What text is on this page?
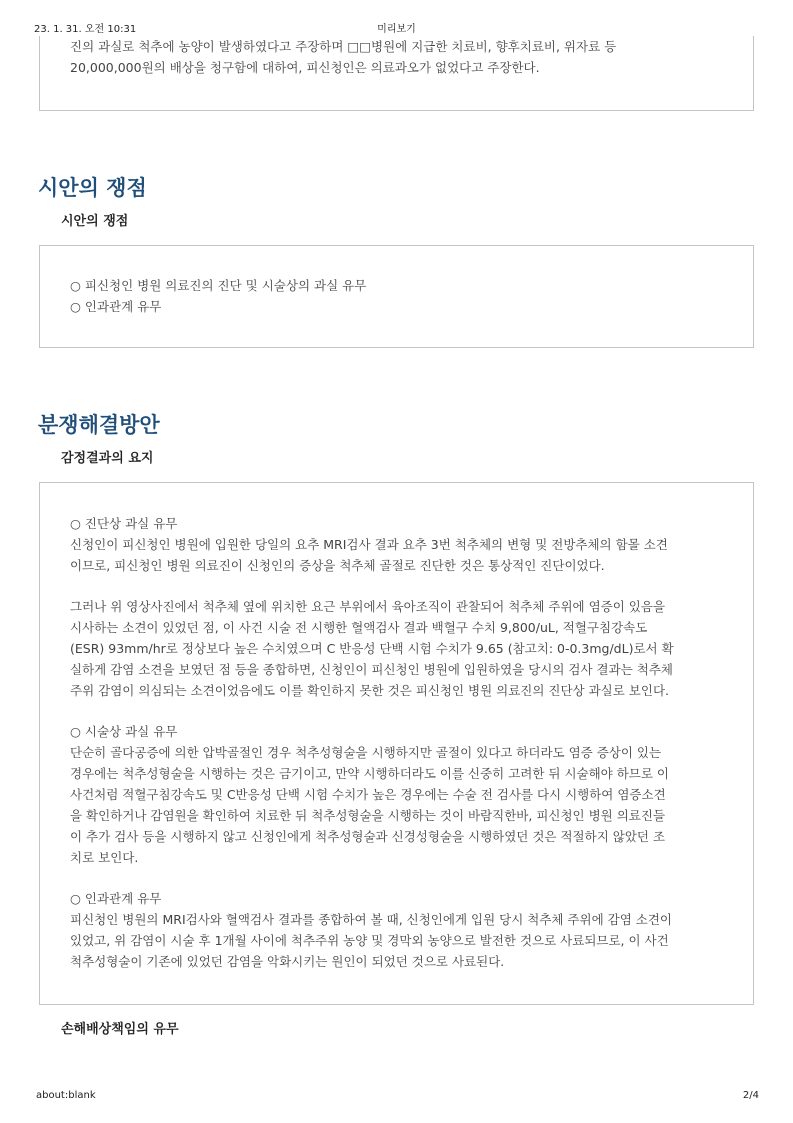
23. 1. 31. 오전 10:31	미리보기

진의 과실로 척추에 농양이 발생하였다고 주장하며 □□병원에 지급한 치료비, 향후치료비, 위자료 등

20,000,000원의 배상을 청구함에 대하여, 피신청인은 의료과오가 없었다고 주장한다.

시안의 쟁점
시안의 쟁점

○ 피신청인 병원 의료진의 진단 및 시술상의 과실 유무

○ 인과관계 유무

분쟁해결방안
감정결과의 요지

○ 진단상 과실 유무
신청인이 피신청인 병원에 입원한 당일의 요추 MRI검사 결과 요추 3번 척추체의 변형 및 전방추체의 함몰 소견
이므로, 피신청인 병원 의료진이 신청인의 증상을 척추체 골절로 진단한 것은 통상적인 진단이었다.

그러나 위 영상사진에서 척추체 옆에 위치한 요근 부위에서 육아조직이 관찰되어 척추체 주위에 염증이 있음을
시사하는 소견이 있었던 점, 이 사건 시술 전 시행한 혈액검사 결과 백혈구 수치 9,800/uL, 적혈구침강속도
(ESR) 93mm/hr로 정상보다 높은 수치였으며 C 반응성 단백 시험 수치가 9.65 (참고치: 0-0.3mg/dL)로서 확
실하게 감염 소견을 보였던 점 등을 종합하면, 신청인이 피신청인 병원에 입원하였을 당시의 검사 결과는 척추체
주위 감염이 의심되는 소견이었음에도 이를 확인하지 못한 것은 피신청인 병원 의료진의 진단상 과실로 보인다.

○ 시술상 과실 유무
단순히 골다공증에 의한 압박골절인 경우 척추성형술을 시행하지만 골절이 있다고 하더라도 염증 증상이 있는
경우에는 척추성형술을 시행하는 것은 금기이고, 만약 시행하더라도 이를 신중히 고려한 뒤 시술해야 하므로 이
사건처럼 적혈구침강속도 및 C반응성 단백 시험 수치가 높은 경우에는 수술 전 검사를 다시 시행하여 염증소견
을 확인하거나 감염원을 확인하여 치료한 뒤 척추성형술을 시행하는 것이 바람직한바, 피신청인 병원 의료진들
이 추가 검사 등을 시행하지 않고 신청인에게 척추성형술과 신경성형술을 시행하였던 것은 적절하지 않았던 조
치로 보인다.

○ 인과관계 유무
피신청인 병원의 MRI검사와 혈액검사 결과를 종합하여 볼 때, 신청인에게 입원 당시 척추체 주위에 감염 소견이
있었고, 위 감염이 시술 후 1개월 사이에 척추주위 농양 및 경막외 농양으로 발전한 것으로 사료되므로, 이 사건
척추성형술이 기존에 있었던 감염을 악화시키는 원인이 되었던 것으로 사료된다.

손해배상책임의 유무
about:blank	2/4
